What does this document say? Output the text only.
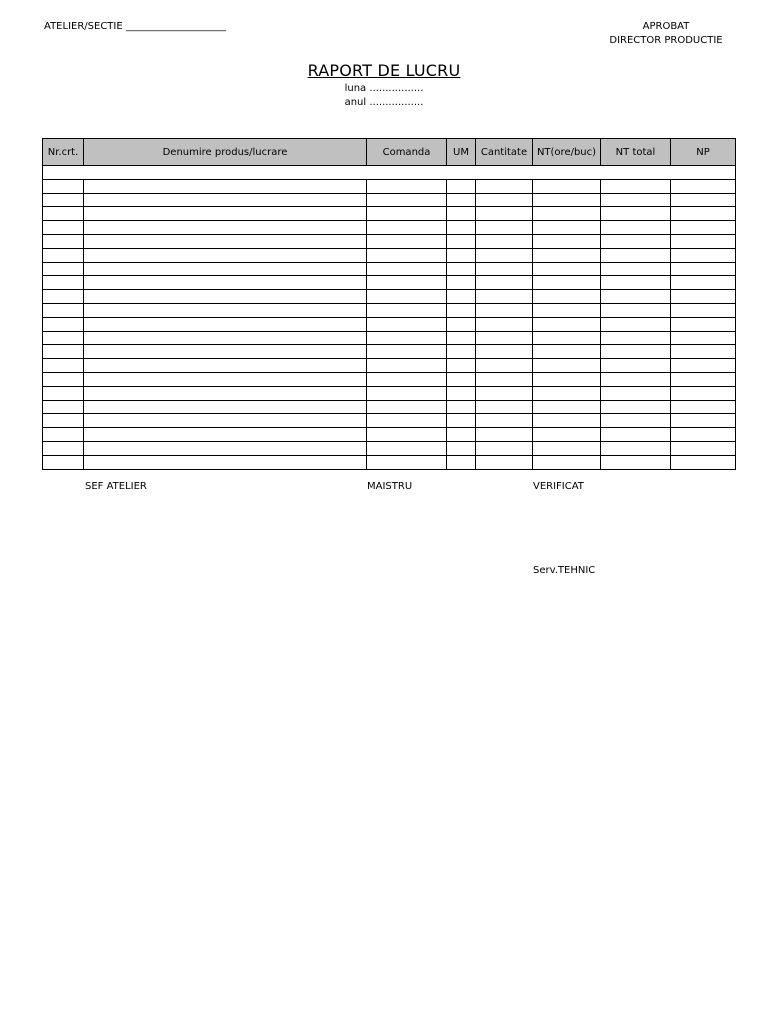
ATELIER/SECTIE ____________________	APROBAT
DIRECTOR PRODUCTIE
RAPORT DE LUCRU
luna .................
anul .................
Nr.crt.	Denumire produs/lucrare	Comanda	UM	Cantitate	NT(ore/buc)	NT total	NP

SEF ATELIER	MAISTRU	VERIFICAT
Serv.TEHNIC
